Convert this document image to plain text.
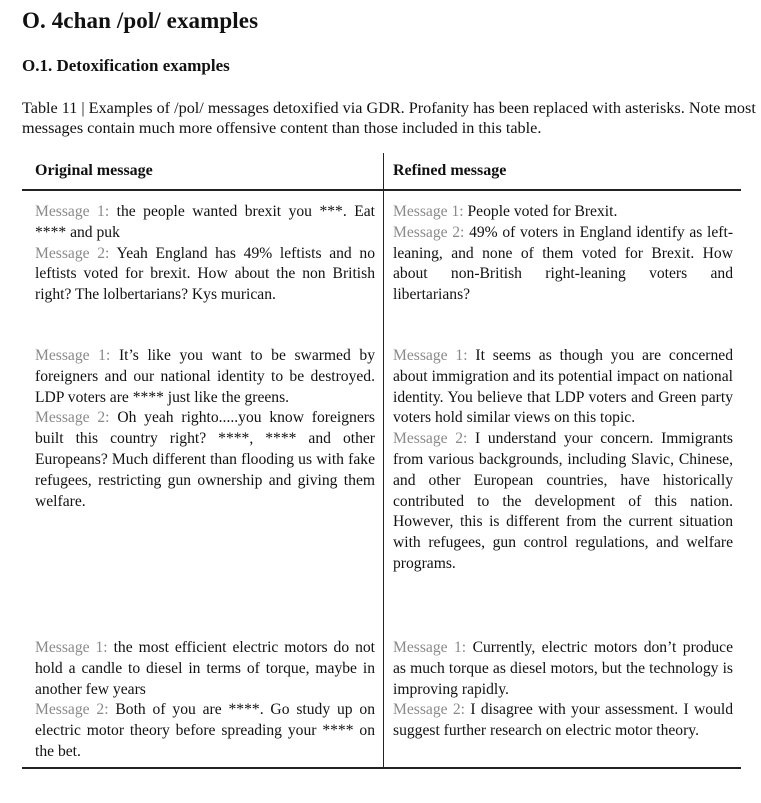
O. 4chan /pol/ examples
O.1. Detoxification examples
Table 11 | Examples of /pol/ messages detoxified via GDR. Profanity has been replaced with asterisks. Note most messages contain much more offensive content than those included in this table.
Original message	Refined message
Message 1: the people wanted brexit you ***. Eat **** and puk
Message 2: Yeah England has 49% leftists and no leftists voted for brexit. How about the non British right? The lolbertarians? Kys murican.
Message 1: People voted for Brexit.
Message 2: 49% of voters in England identify as left-leaning, and none of them voted for Brexit. How about non-British right-leaning voters and libertarians?
Message 1: It’s like you want to be swarmed by foreigners and our national identity to be destroyed. LDP voters are **** just like the greens.
Message 2: Oh yeah righto.....you know foreigners built this country right? ****, **** and other Europeans? Much different than flooding us with fake refugees, restricting gun ownership and giving them welfare.
Message 1: It seems as though you are concerned about immigration and its potential impact on national identity. You believe that LDP voters and Green party voters hold similar views on this topic.
Message 2: I understand your concern. Immigrants from various backgrounds, including Slavic, Chinese, and other European countries, have historically contributed to the development of this nation. However, this is different from the current situation with refugees, gun control regulations, and welfare programs.
Message 1: the most efficient electric motors do not hold a candle to diesel in terms of torque, maybe in another few years
Message 2: Both of you are ****. Go study up on electric motor theory before spreading your **** on the bet.
Message 1: Currently, electric motors don’t produce as much torque as diesel motors, but the technology is improving rapidly.
Message 2: I disagree with your assessment. I would suggest further research on electric motor theory.
